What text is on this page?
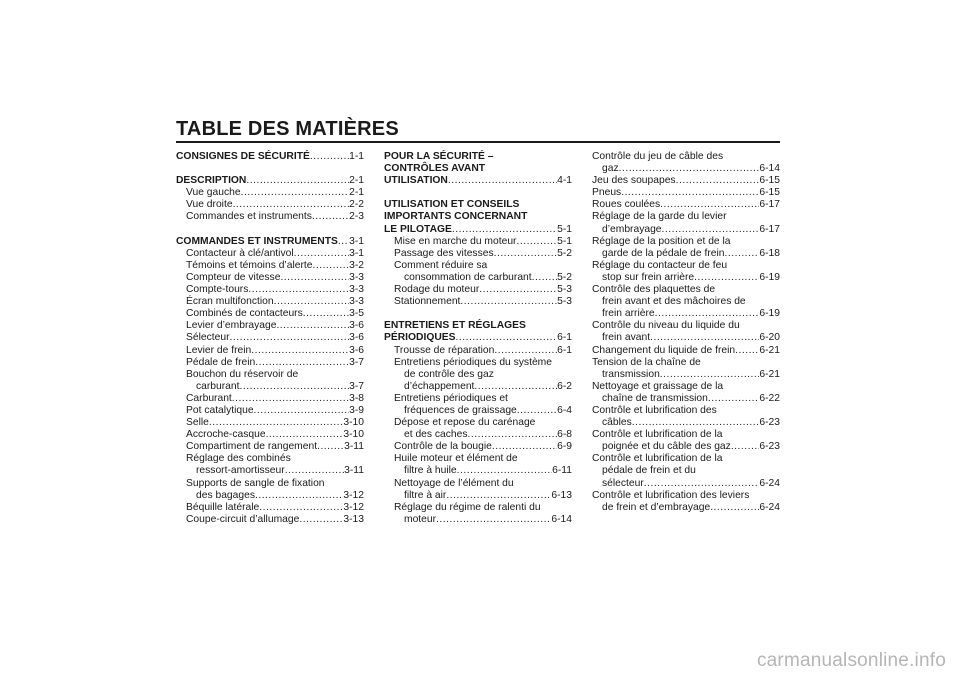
TABLE DES MATIÈRES
CONSIGNES DE SÉCURITÉ .....	1-1
DESCRIPTION .....	2-1
Vue gauche .....	2-1
Vue droite .....	2-2
Commandes et instruments .....	2-3
COMMANDES ET INSTRUMENTS ..... 3-1
Contacteur à clé/antivol .....	3-1
Témoins et témoins d’alerte .....	3-2
Compteur de vitesse .....	3-3
Compte-tours .....	3-3
Écran multifonction .....	3-3
Combinés de contacteurs .....	3-5
Levier d’embrayage .....	3-6
Sélecteur .....	3-6
Levier de frein .....	3-6
Pédale de frein .....	3-7
Bouchon du réservoir de
carburant .....	3-7
Carburant .....	3-8
Pot catalytique .....	3-9
Selle .....	3-10
Accroche-casque .....	3-10
Compartiment de rangement .....	3-11
Réglage des combinés
ressort-amortisseur .....	3-11
Supports de sangle de fixation
des bagages .....	3-12
Béquille latérale .....	3-12
Coupe-circuit d’allumage .....	3-13
POUR LA SÉCURITÉ –
CONTRÔLES AVANT
UTILISATION .....	4-1
UTILISATION ET CONSEILS
IMPORTANTS CONCERNANT
LE PILOTAGE .....	5-1
Mise en marche du moteur .....	5-1
Passage des vitesses .....	5-2
Comment réduire sa
consommation de carburant ..... 5-2
Rodage du moteur .....	5-3
Stationnement .....	5-3
ENTRETIENS ET RÉGLAGES
PÉRIODIQUES .....	6-1
Trousse de réparation .....	6-1
Entretiens périodiques du système
de contrôle des gaz
d’échappement .....	6-2
Entretiens périodiques et
fréquences de graissage .....	6-4
Dépose et repose du carénage
et des caches .....	6-8
Contrôle de la bougie .....	6-9
Huile moteur et élément de
filtre à huile .....	6-11
Nettoyage de l’élément du
filtre à air .....	6-13
Réglage du régime de ralenti du
moteur .....	6-14
Contrôle du jeu de câble des
gaz .....	6-14
Jeu des soupapes .....	6-15
Pneus .....	6-15
Roues coulées .....	6-17
Réglage de la garde du levier
d’embrayage .....	6-17
Réglage de la position et de la
garde de la pédale de frein .....	6-18
Réglage du contacteur de feu
stop sur frein arrière .....	6-19
Contrôle des plaquettes de
frein avant et des mâchoires de
frein arrière .....	6-19
Contrôle du niveau du liquide du
frein avant .....	6-20
Changement du liquide de frein ..... 6-21
Tension de la chaîne de
transmission .....	6-21
Nettoyage et graissage de la
chaîne de transmission .....	6-22
Contrôle et lubrification des
câbles .....	6-23
Contrôle et lubrification de la
poignée et du câble des gaz .....	6-23
Contrôle et lubrification de la
pédale de frein et du
sélecteur .....	6-24
Contrôle et lubrification des leviers
de frein et d’embrayage .....	6-24
carmanualsonline.info
